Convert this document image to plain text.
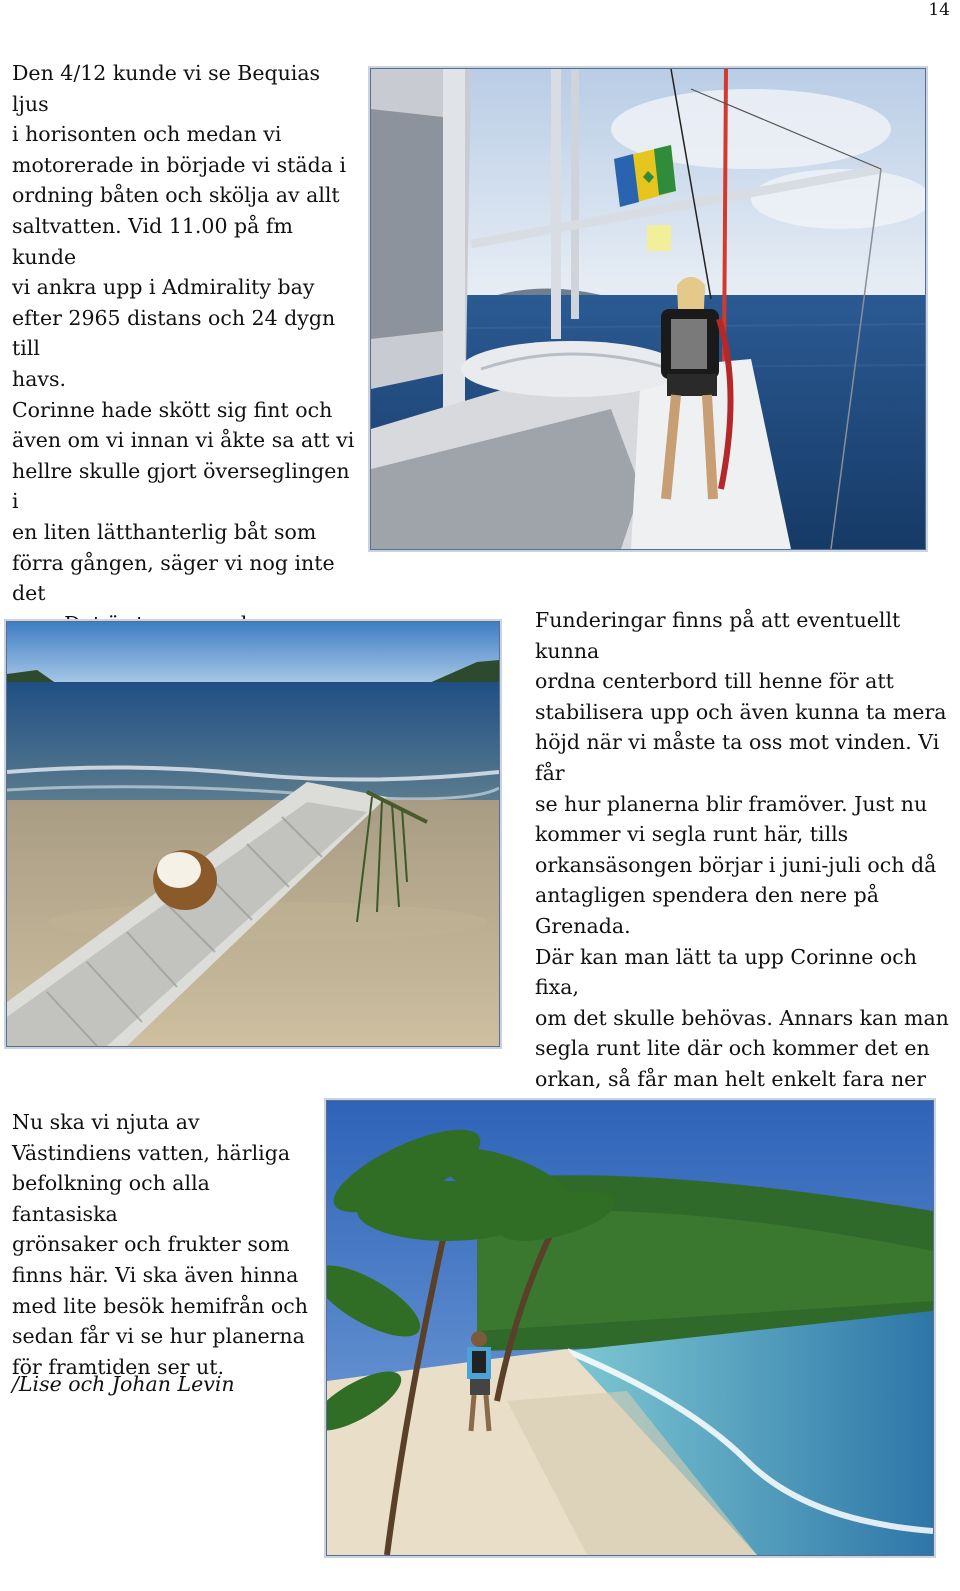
14

Den 4/12 kunde vi se Bequias ljus

i horisonten och medan vi

motorerade in började vi städa i

ordning båten och skölja av allt

saltvatten. Vid 11.00 på fm kunde

vi ankra upp i Admirality bay

efter 2965 distans och 24 dygn till

havs.

Corinne hade skött sig fint och

även om vi innan vi åkte sa att vi

hellre skulle gjort överseglingen i

en liten lätthanterlig båt som

förra gången, säger vi nog inte det

Funderingar finns på att eventuellt kunna

ordna centerbord till henne för att

stabilisera upp och även kunna ta mera

höjd när vi måste ta oss mot vinden. Vi får

se hur planerna blir framöver. Just nu

kommer vi segla runt här, tills

orkansäsongen börjar i juni-juli och då

antagligen spendera den nere på Grenada.

Där kan man lätt ta upp Corinne och fixa,

om det skulle behövas. Annars kan man

segla runt lite där och kommer det en

orkan, så får man helt enkelt fara ner

Nu ska vi njuta av

Västindiens vatten, härliga

befolkning och alla fantasiska

grönsaker och frukter som

finns här. Vi ska även hinna

med lite besök hemifrån och

sedan får vi se hur planerna

för framtiden ser ut.

/Lise och Johan Levin
